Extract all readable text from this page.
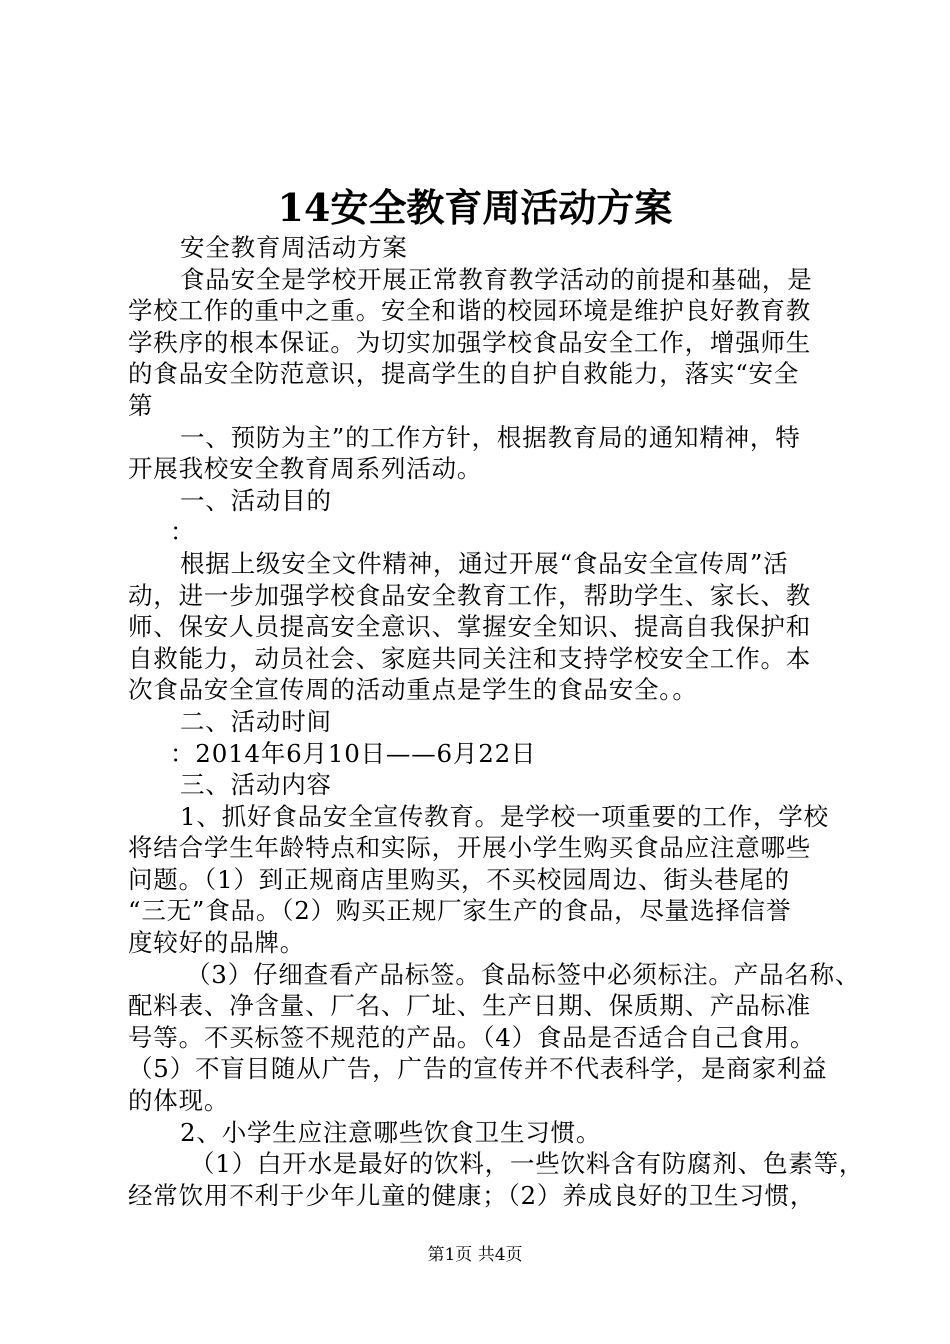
14安全教育周活动方案
安全教育周活动方案
食品安全是学校开展正常教育教学活动的前提和基础，是
学校工作的重中之重。安全和谐的校园环境是维护良好教育教
学秩序的根本保证。为切实加强学校食品安全工作，增强师生
的食品安全防范意识，提高学生的自护自救能力，落实“安全
第
一、预防为主”的工作方针，根据教育局的通知精神，特
开展我校安全教育周系列活动。
一、活动目的
：
根据上级安全文件精神，通过开展“食品安全宣传周”活
动，进一步加强学校食品安全教育工作，帮助学生、家长、教
师、保安人员提高安全意识、掌握安全知识、提高自我保护和
自救能力，动员社会、家庭共同关注和支持学校安全工作。本
次食品安全宣传周的活动重点是学生的食品安全。。
二、活动时间
：2014年6月10日——6月22日
三、活动内容
1、抓好食品安全宣传教育。是学校一项重要的工作，学校
将结合学生年龄特点和实际，开展小学生购买食品应注意哪些
问题。（1）到正规商店里购买，不买校园周边、街头巷尾的
“三无”食品。（2）购买正规厂家生产的食品，尽量选择信誉
度较好的品牌。
（3）仔细查看产品标签。食品标签中必须标注。产品名称、
配料表、净含量、厂名、厂址、生产日期、保质期、产品标准
号等。不买标签不规范的产品。（4）食品是否适合自己食用。
（5）不盲目随从广告，广告的宣传并不代表科学，是商家利益
的体现。
2、小学生应注意哪些饮食卫生习惯。
（1）白开水是最好的饮料，一些饮料含有防腐剂、色素等，
经常饮用不利于少年儿童的健康；（2）养成良好的卫生习惯，
第1页 共4页
